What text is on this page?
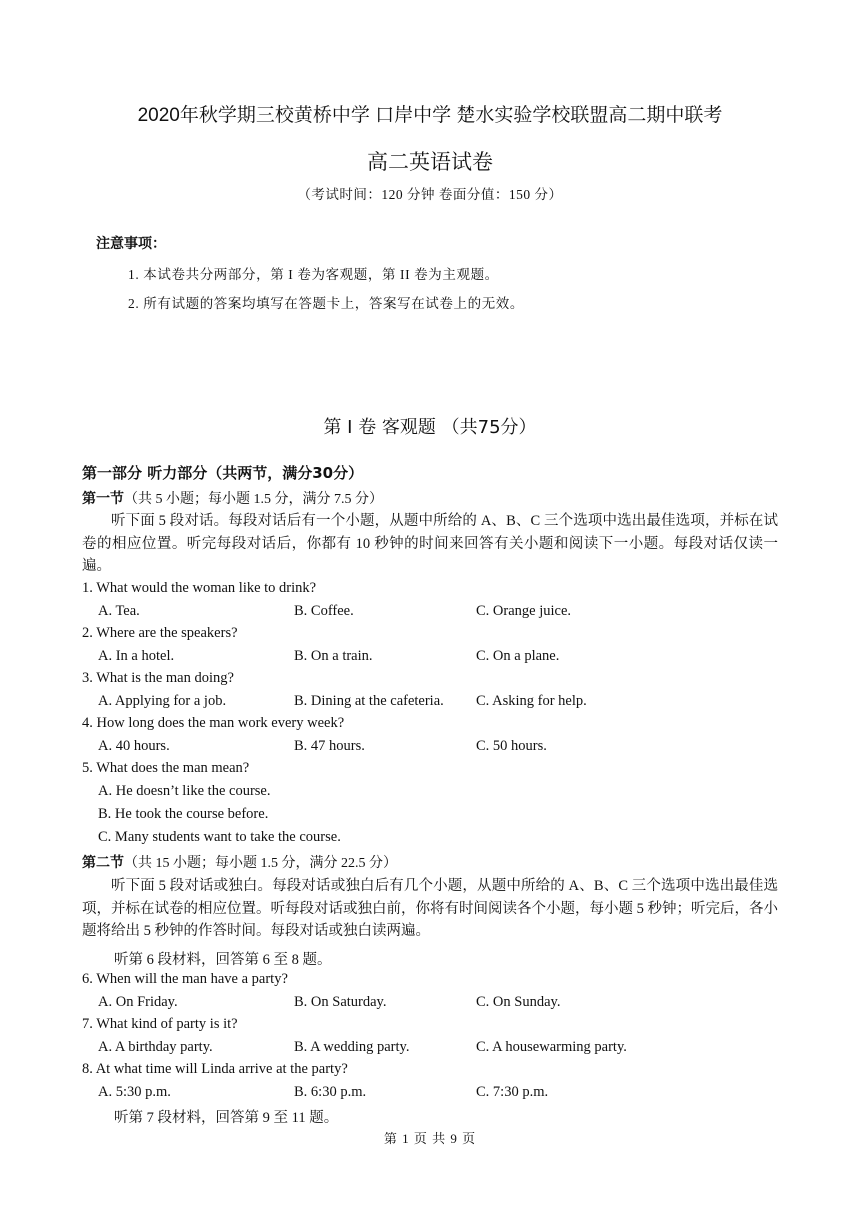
2020年秋学期三校黄桥中学 口岸中学 楚水实验学校联盟高二期中联考
高二英语试卷
（考试时间：120 分钟 卷面分值：150 分）
注意事项：
1. 本试卷共分两部分，第 I 卷为客观题，第 II 卷为主观题。
2. 所有试题的答案均填写在答题卡上，答案写在试卷上的无效。
第 Ⅰ 卷 客观题 （共75分）
第一部分 听力部分（共两节，满分30分）
第一节（共 5 小题；每小题 1.5 分，满分 7.5 分）
听下面 5 段对话。每段对话后有一个小题，从题中所给的 A、B、C 三个选项中选出最佳选项，并标在试卷的相应位置。听完每段对话后，你都有 10 秒钟的时间来回答有关小题和阅读下一小题。每段对话仅读一遍。
1. What would the woman like to drink?
A. Tea.	B. Coffee.	C. Orange juice.
2. Where are the speakers?
A. In a hotel.	B. On a train.	C. On a plane.
3. What is the man doing?
A. Applying for a job.	B. Dining at the cafeteria. C. Asking for help.
4. How long does the man work every week?
A. 40 hours.	B. 47 hours.	C. 50 hours.
5. What does the man mean?
A. He doesn’t like the course.
B. He took the course before.
C. Many students want to take the course.
第二节（共 15 小题；每小题 1.5 分，满分 22.5 分）
听下面 5 段对话或独白。每段对话或独白后有几个小题，从题中所给的 A、B、C 三个选项中选出最佳选项，并标在试卷的相应位置。听每段对话或独白前，你将有时间阅读各个小题，每小题 5 秒钟；听完后，各小题将给出 5 秒钟的作答时间。每段对话或独白读两遍。
听第 6 段材料，回答第 6 至 8 题。
6. When will the man have a party?
A. On Friday.	B. On Saturday.	C. On Sunday.
7. What kind of party is it?
A. A birthday party.	B. A wedding party.	C. A housewarming party.
8. At what time will Linda arrive at the party?
A. 5:30 p.m.	B. 6:30 p.m.	C. 7:30 p.m.
听第 7 段材料，回答第 9 至 11 题。
第 1 页 共 9 页
